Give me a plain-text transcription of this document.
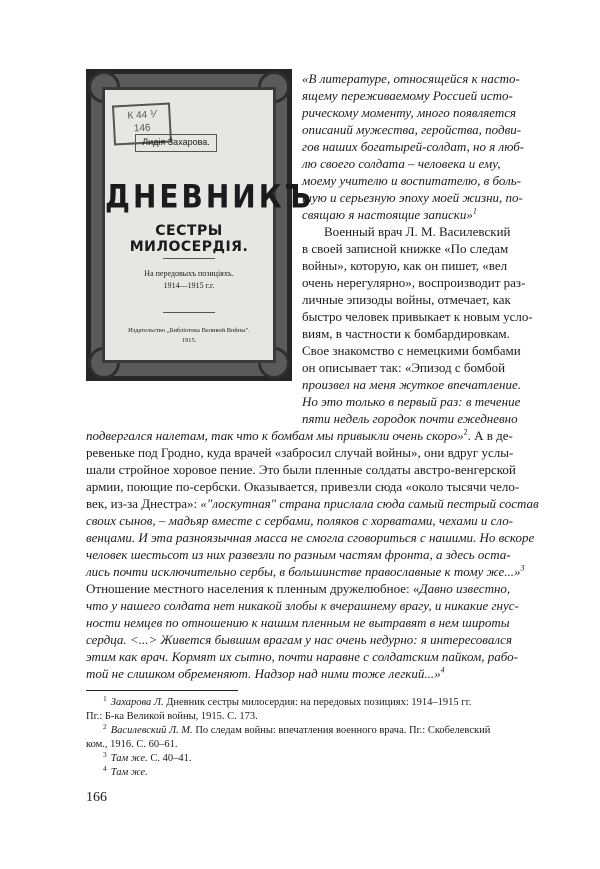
К 44 ⅟
146
Лидія Захарова.
ДНЕВНИКЪ
СЕСТРЫ МИЛОСЕРДІЯ.
На передовыхъ позиціяхъ.
1914—1915 г.г.
Издательство „Библіотека Великой Войны".
1915.
«В литературе, относящейся к насто-
ящему переживаемому Россией исто-
рическому моменту, много появляется
описаний мужества, геройства, подви-
гов наших богатырей-солдат, но я люб-
лю своего солдата – человека и ему,
моему учителю и воспитателю, в боль-
шую и серьезную эпоху моей жизни, по-
свящаю я настоящие записки»$^1$
Военный врач Л. М. Василевский
в своей записной книжке «По следам
войны», которую, как он пишет, «вел
очень нерегулярно», воспроизводит раз-
личные эпизоды войны, отмечает, как
быстро человек привыкает к новым усло-
виям, в частности к бомбардировкам.
Свое знакомство с немецкими бомбами
он описывает так: «Эпизод с бомбой
произвел на меня жуткое впечатление.
Но это только в первый раз: в течение
пяти недель городок почти ежедневно
подвергался налетам, так что к бомбам мы привыкли очень скоро»$^2$. А в де-
ревеньке под Гродно, куда врачей «забросил случай войны», они вдруг услы-
шали стройное хоровое пение. Это были пленные солдаты австро-венгерской
армии, поющие по-сербски. Оказывается, привезли сюда «около тысячи чело-
век, из-за Днестра»: «"лоскутная" страна прислала сюда самый пестрый состав
своих сынов, – мадьяр вместе с сербами, поляков с хорватами, чехами и сло-
венцами. И эта разноязычная масса не смогла сговориться с нашими. Но вскоре
человек шестьсот из них развезли по разным частям фронта, а здесь оста-
лись почти исключительно сербы, в большинстве православные к тому же...»$^3$
Отношение местного населения к пленным дружелюбное: «Давно известно,
что у нашего солдата нет никакой злобы к вчерашнему врагу, и никакие гнус-
ности немцев по отношению к нашим пленным не вытравят в нем широты
сердца. <...> Живется бывшим врагам у нас очень недурно: я интересовался
этим как врач. Кормят их сытно, почти наравне с солдатским пайком, рабо-
той не слишком обременяют. Надзор над ними тоже легкий...»$^4$
$^1$ Захарова Л. Дневник сестры милосердия: на передовых позициях: 1914–1915 гг.
Пг.: Б-ка Великой войны, 1915. С. 173.
$^2$ Василевский Л. М. По следам войны: впечатления военного врача. Пг.: Скобелевский
ком., 1916. С. 60–61.
$^3$ Там же. С. 40–41.
$^4$ Там же.
166
